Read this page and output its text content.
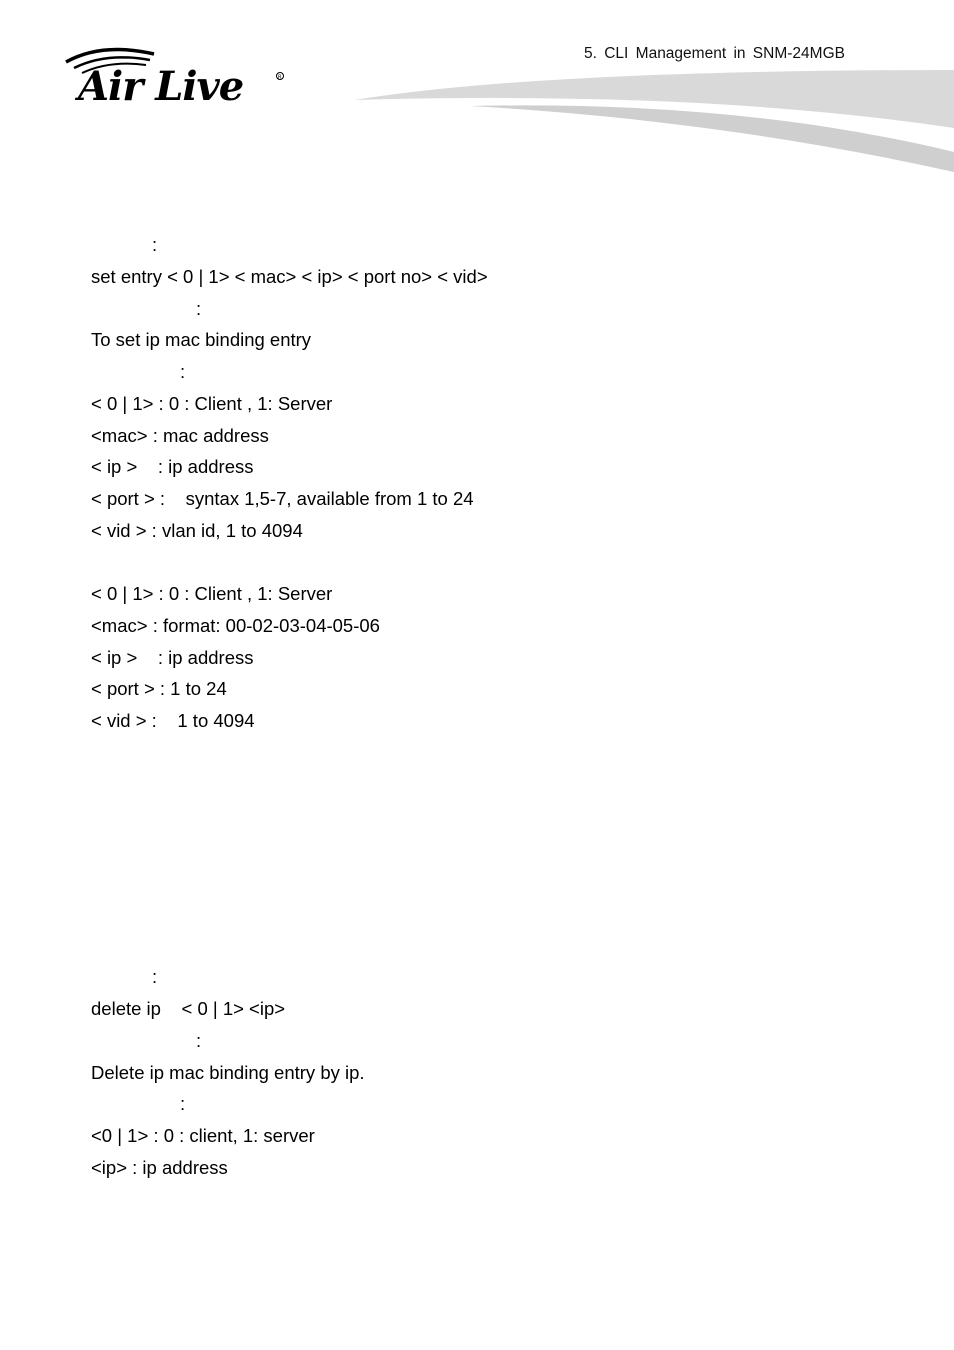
Air Live	R
5. CLI Management in SNM-24MGB
:
set entry < 0 | 1> < mac> < ip> < port no> < vid>
:
To set ip mac binding entry
:
< 0 | 1> : 0 : Client , 1: Server
<mac> : mac address
< ip >    : ip address
< port > :    syntax 1,5-7, available from 1 to 24
< vid > : vlan id, 1 to 4094
< 0 | 1> : 0 : Client , 1: Server
<mac> : format: 00-02-03-04-05-06
< ip >    : ip address
< port > : 1 to 24
< vid > :    1 to 4094
:
delete ip    < 0 | 1> <ip>
:
Delete ip mac binding entry by ip.
:
<0 | 1> : 0 : client, 1: server
<ip> : ip address
